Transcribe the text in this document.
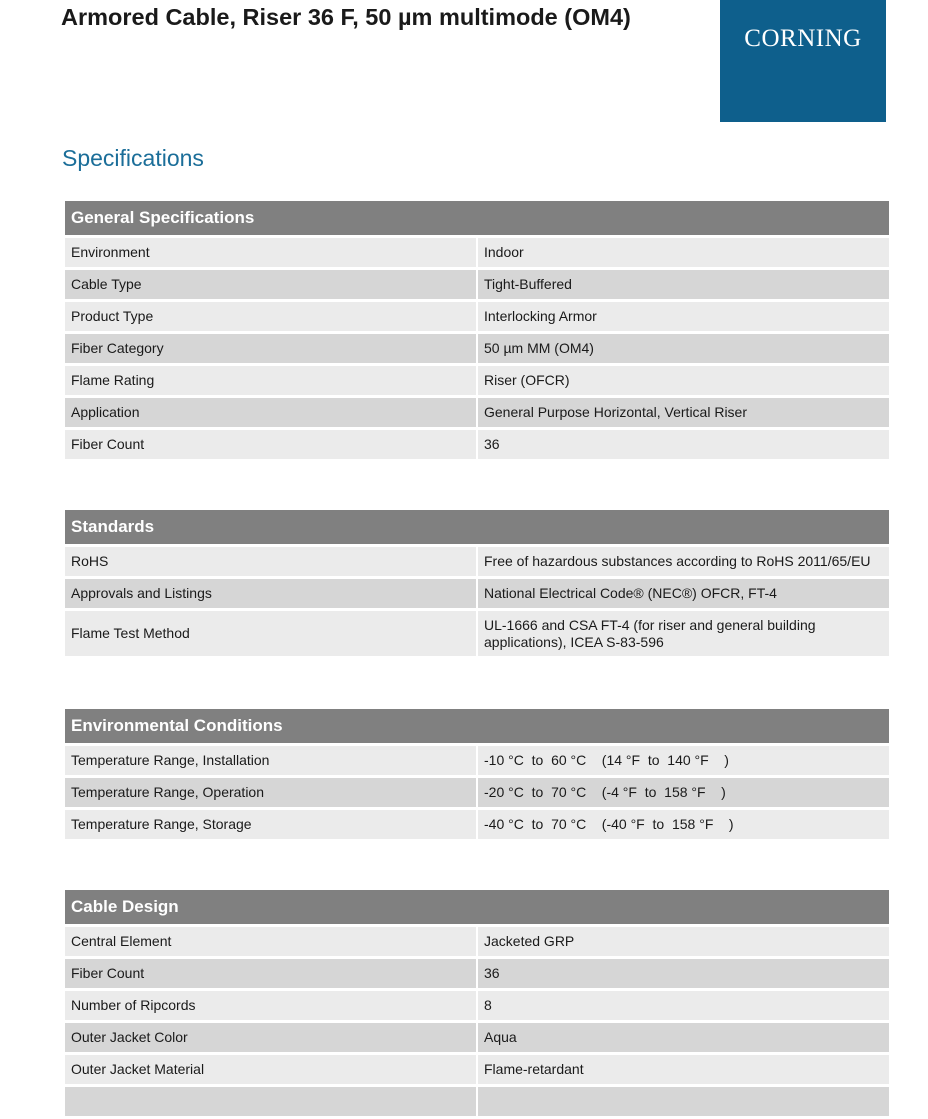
Armored Cable, Riser 36 F, 50 µm multimode (OM4)
CORNING
Specifications
General Specifications	
Environment	Indoor
Cable Type	Tight-Buffered
Product Type	Interlocking Armor
Fiber Category	50 µm MM (OM4)
Flame Rating	Riser (OFCR)
Application	General Purpose Horizontal, Vertical Riser
Fiber Count	36
Standards	
RoHS	Free of hazardous substances according to RoHS 2011/65/EU
Approvals and Listings	National Electrical Code® (NEC®) OFCR, FT-4
Flame Test Method	UL-1666 and CSA FT-4 (for riser and general building applications), ICEA S-83-596
Environmental Conditions	
Temperature Range, Installation	-10 °C  to  60 °C    (14 °F  to  140 °F    )
Temperature Range, Operation	-20 °C  to  70 °C    (-4 °F  to  158 °F    )
Temperature Range, Storage	-40 °C  to  70 °C    (-40 °F  to  158 °F    )
Cable Design	
Central Element	Jacketed GRP
Fiber Count	36
Number of Ripcords	8
Outer Jacket Color	Aqua
Outer Jacket Material	Flame-retardant
